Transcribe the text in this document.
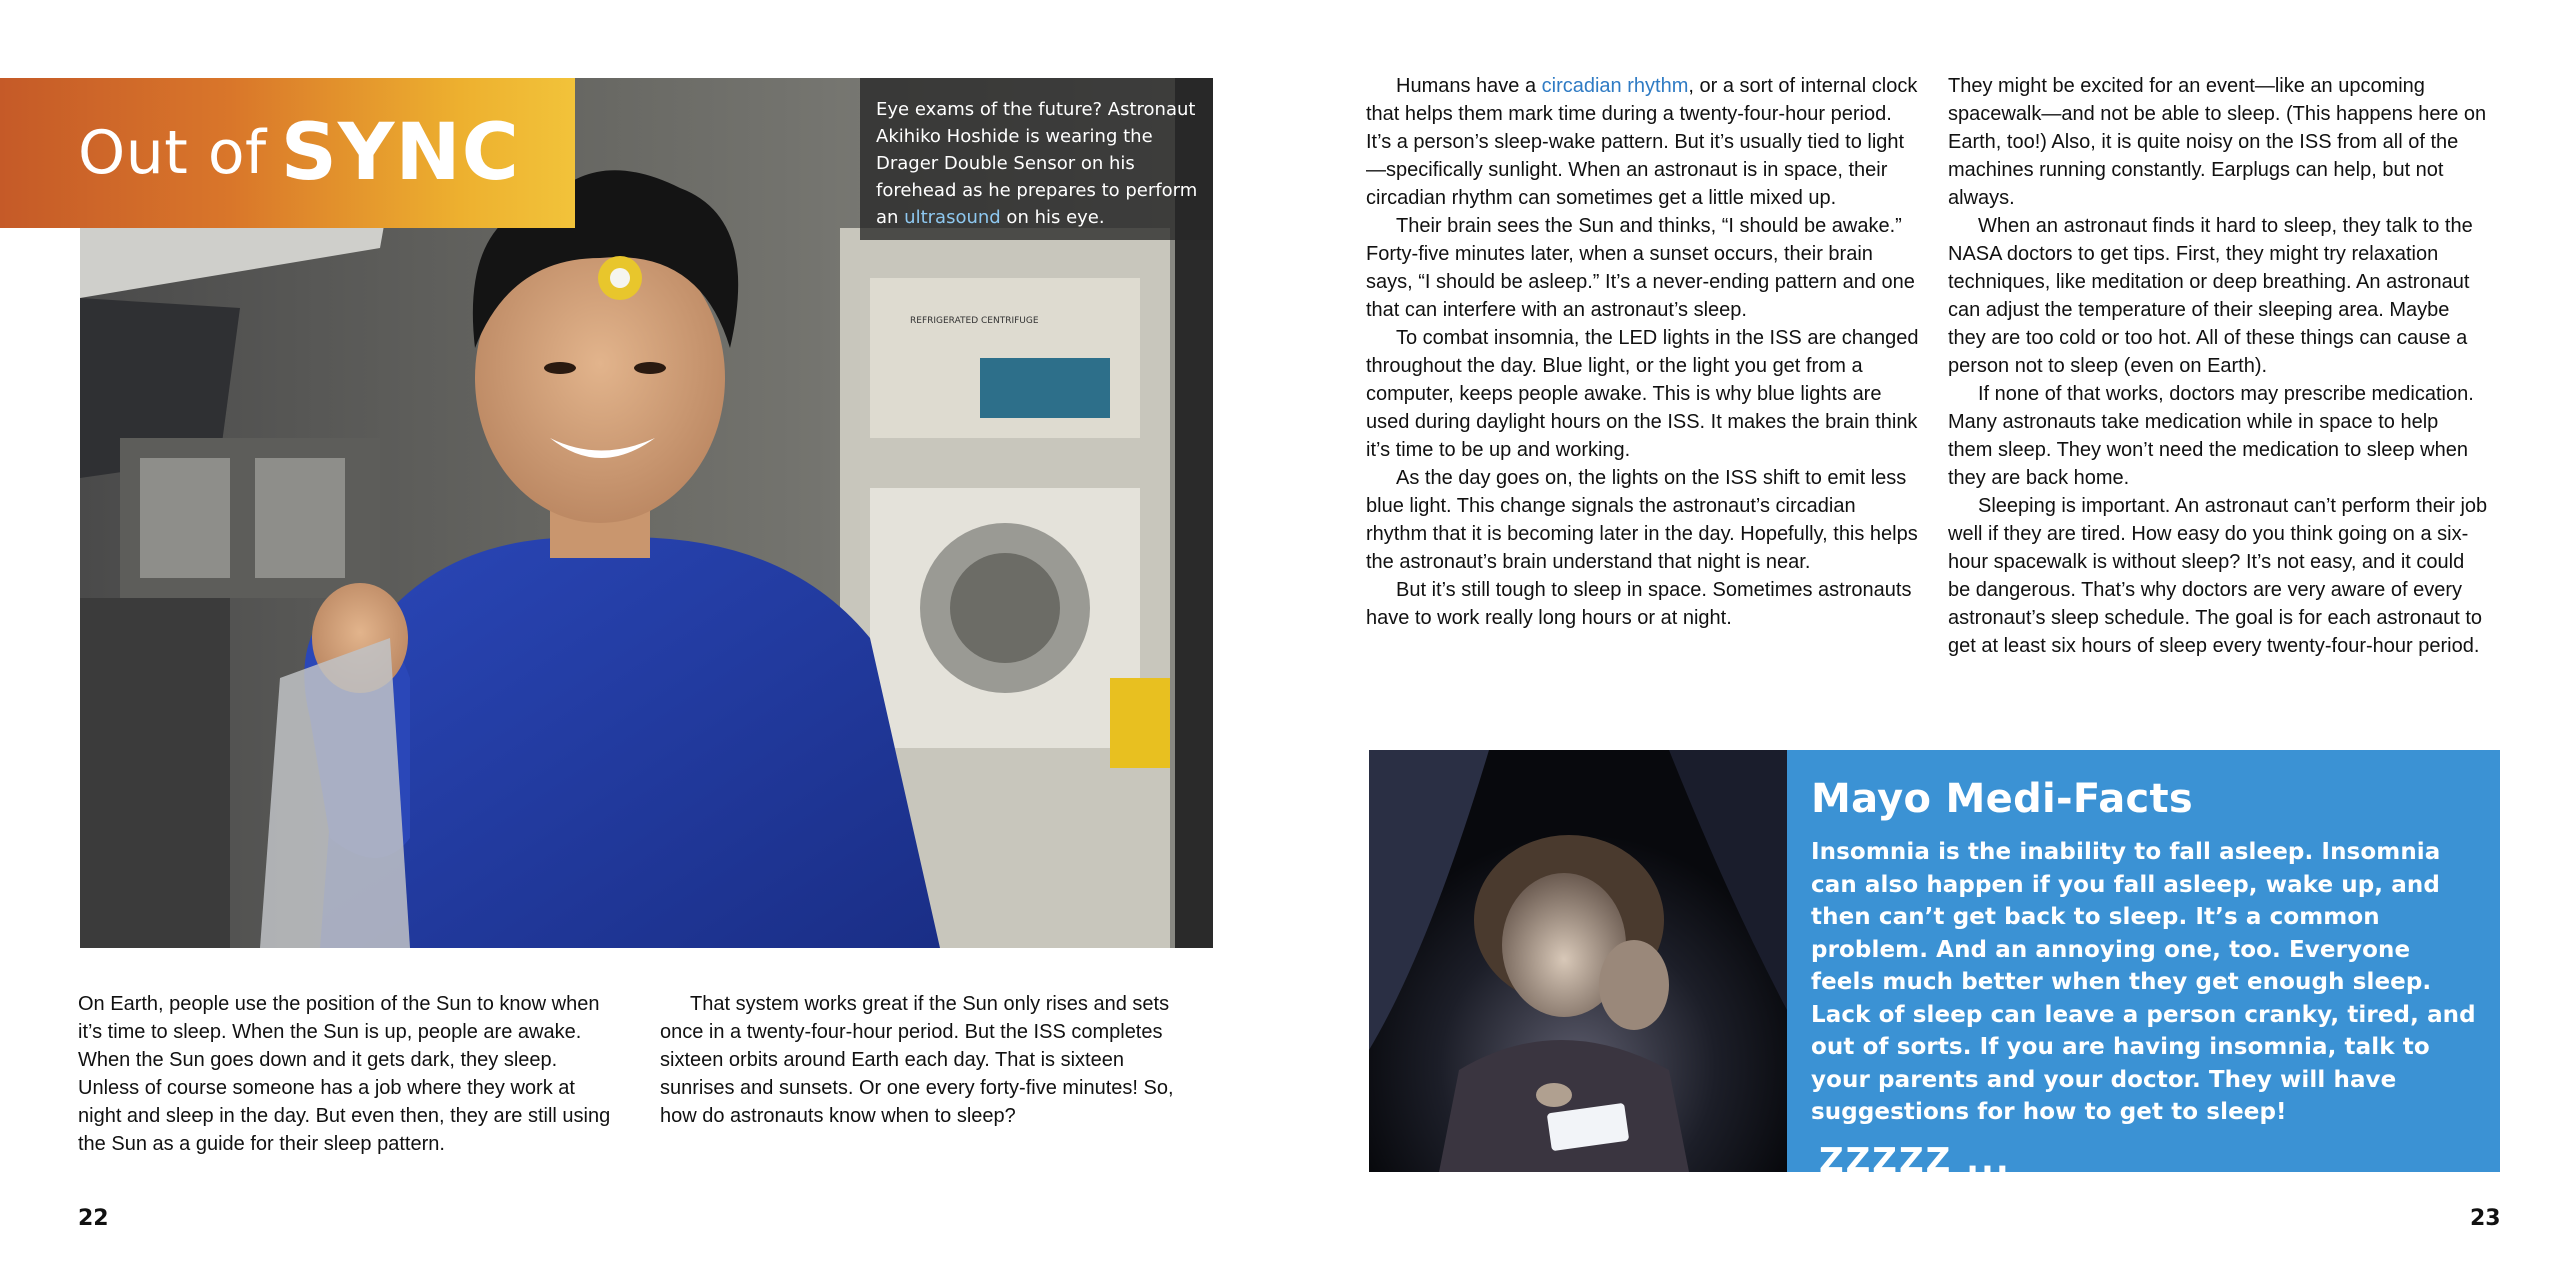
REFRIGERATED CENTRIFUGE
Out of SYNC	Eye exams of the future? Astronaut Akihiko Hoshide is wearing the Drager Double Sensor on his forehead as he prepares to perform an ultrasound on his eye.

On Earth, people use the position of the Sun to know when it’s time to sleep. When the Sun is up, people are awake. When the Sun goes down and it gets dark, they sleep. Unless of course someone has a job where they work at night and sleep in the day. But even then, they are still using the Sun as a guide for their sleep pattern.

That system works great if the Sun only rises and sets once in a twenty-four-hour period. But the ISS completes sixteen orbits around Earth each day. That is sixteen sunrises and sunsets. Or one every forty-five minutes! So, how do astronauts know when to sleep?

22

Humans have a circadian rhythm, or a sort of internal clock that helps them mark time during a twenty-four-hour period. It’s a person’s sleep-wake pattern. But it’s usually tied to light—specifically sunlight. When an astronaut is in space, their circadian rhythm can sometimes get a little mixed up.

Their brain sees the Sun and thinks, “I should be awake.” Forty-five minutes later, when a sunset occurs, their brain says, “I should be asleep.” It’s a never-ending pattern and one that can interfere with an astronaut’s sleep.

To combat insomnia, the LED lights in the ISS are changed throughout the day. Blue light, or the light you get from a computer, keeps people awake. This is why blue lights are used during daylight hours on the ISS. It makes the brain think it’s time to be up and working.

As the day goes on, the lights on the ISS shift to emit less blue light. This change signals the astronaut’s circadian rhythm that it is becoming later in the day. Hopefully, this helps the astronaut’s brain understand that night is near.

But it’s still tough to sleep in space. Sometimes astronauts have to work really long hours or at night.

They might be excited for an event—like an upcoming spacewalk—and not be able to sleep. (This happens here on Earth, too!) Also, it is quite noisy on the ISS from all of the machines running constantly. Earplugs can help, but not always.

When an astronaut finds it hard to sleep, they talk to the NASA doctors to get tips. First, they might try relaxation techniques, like meditation or deep breathing. An astronaut can adjust the temperature of their sleeping area. Maybe they are too cold or too hot. All of these things can cause a person not to sleep (even on Earth).

If none of that works, doctors may prescribe medication. Many astronauts take medication while in space to help them sleep. They won’t need the medication to sleep when they are back home.

Sleeping is important. An astronaut can’t perform their job well if they are tired. How easy do you think going on a six-hour spacewalk is without sleep? It’s not easy, and it could be dangerous. That’s why doctors are very aware of every astronaut’s sleep schedule. The goal is for each astronaut to get at least six hours of sleep every twenty-four-hour period.

Mayo Medi-Facts
Insomnia is the inability to fall asleep. Insomnia can also happen if you fall asleep, wake up, and then can’t get back to sleep. It’s a common problem. And an annoying one, too. Everyone feels much better when they get enough sleep. Lack of sleep can leave a person cranky, tired, and out of sorts. If you are having insomnia, talk to your parents and your doctor. They will have suggestions for how to get to sleep!
ZZZZZ ...
23
